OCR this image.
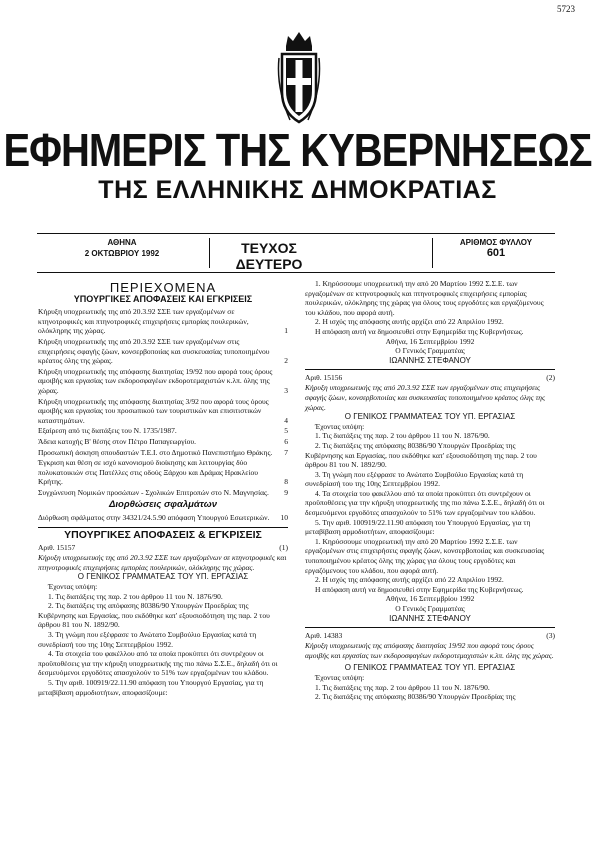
5723
ΕΦΗΜΕΡΙΣ ΤΗΣ ΚΥΒΕΡΝΗΣΕΩΣ
ΤΗΣ ΕΛΛΗΝΙΚΗΣ ΔΗΜΟΚΡΑΤΙΑΣ
ΑΘΗΝΑ
2 ΟΚΤΩΒΡΙΟΥ 1992	ΤΕΥΧΟΣ ΔΕΥΤΕΡΟ
ΑΡΙΘΜΟΣ ΦΥΛΛΟΥ
601
ΠΕΡΙΕΧΟΜΕΝΑ
ΥΠΟΥΡΓΙΚΕΣ ΑΠΟΦΑΣΕΙΣ ΚΑΙ ΕΓΚΡΙΣΕΙΣ
Κήρυξη υποχρεωτικής της από 20.3.92 ΣΣΕ των εργαζομένων σε κτηνοτροφικές και πτηνοτροφικές επιχειρήσεις εμπορίας πουλερικών, ολόκληρης της χώρας.	1
Κήρυξη υποχρεωτικής της από 20.3.92 ΣΣΕ των εργαζομένων στις επιχειρήσεις σφαγής ζώων, κονσερβοποιίας και συσκευασίας τυποποιημένου κρέατος όλης της χώρας.	2
Κήρυξη υποχρεωτικής της απόφασης διαιτησίας 19/92 που αφορά τους όρους αμοιβής και εργασίας των εκδοροσφαγέων εκδοροτεμαχιστών κ.λπ. όλης της χώρας.	3
Κήρυξη υποχρεωτικής της απόφασης διαιτησίας 3/92 που αφορά τους όρους αμοιβής και εργασίας του προσωπικού των τουριστικών και επισιτιστικών καταστημάτων.	4
Εξαίρεση από τις διατάξεις του Ν. 1735/1987.	5
Άδεια κατοχής Β' θέσης στον Πέτρο Παπαγεωργίου.	6
Προσωπική άσκηση σπουδαστών Τ.Ε.Ι. στο Δημοτικό Πανεπιστήμιο Θράκης. 7
Έγκριση και θέση σε ισχύ κανονισμού διοίκησης και λειτουργίας δύο πολυκατοικιών στις Πατέλλες στις οδούς Ξάρχου και Δράμας Ηρακλείου Κρήτης.	8
Συγχώνευση Νομικών προσώπων - Σχολικών Επιτροπών στο Ν. Μαγνησίας. 9
Διορθώσεις σφαλμάτων
Διόρθωση σφάλματος στην 34321/24.5.90 απόφαση Υπουργού Εσωτερικών. 10
ΥΠΟΥΡΓΙΚΕΣ ΑΠΟΦΑΣΕΙΣ & ΕΓΚΡΙΣΕΙΣ
Αριθ. 15157	(1)

Κήρυξη υποχρεωτικής της από 20.3.92 ΣΣΕ των εργαζομένων σε κτηνοτροφικές και πτηνοτροφικές επιχειρήσεις εμπορίας πουλερικών, ολόκληρης της χώρας.

Ο ΓΕΝΙΚΟΣ ΓΡΑΜΜΑΤΕΑΣ ΤΟΥ ΥΠ. ΕΡΓΑΣΙΑΣ

Έχοντας υπόψη:

1. Τις διατάξεις της παρ. 2 του άρθρου 11 του Ν. 1876/90.

2. Τις διατάξεις της απόφασης 80386/90 Υπουργών Προεδρίας της Κυβέρνησης και Εργασίας, που εκδόθηκε κατ' εξουσιοδότηση της παρ. 2 του άρθρου 81 του Ν. 1892/90.

3. Τη γνώμη που εξέφρασε το Ανώτατο Συμβούλιο Εργασίας κατά τη συνεδρίασή του της 10ης Σεπτεμβρίου 1992.

4. Τα στοιχεία του φακέλλου από τα οποία προκύπτει ότι συντρέχουν οι προϋποθέσεις για την κήρυξη υποχρεωτικής της πιο πάνω Σ.Σ.Ε., δηλαδή ότι οι δεσμευόμενοι εργοδότες απασχολούν το 51% των εργαζομένων του κλάδου.

5. Την αριθ. 100919/22.11.90 απόφαση του Υπουργού Εργασίας, για τη μεταβίβαση αρμοδιοτήτων, αποφασίζουμε:

1. Κηρύσσουμε υποχρεωτική την από 20 Μαρτίου 1992 Σ.Σ.Ε. των εργαζομένων σε κτηνοτροφικές και πτηνοτροφικές επιχειρήσεις εμπορίας πουλερικών, ολόκληρης της χώρας για όλους τους εργοδότες και εργαζόμενους του κλάδου, που αφορά αυτή.

2. Η ισχύς της απόφασης αυτής αρχίζει από 22 Απριλίου 1992.

Η απόφαση αυτή να δημοσιευθεί στην Εφημερίδα της Κυβερνήσεως.

Αθήνα, 16 Σεπτεμβρίου 1992

Ο Γενικός Γραμματέας

ΙΩΑΝΝΗΣ ΣΤΕΦΑΝΟΥ

Αριθ. 15156	(2)

Κήρυξη υποχρεωτικής της από 20.3.92 ΣΣΕ των εργαζομένων στις επιχειρήσεις σφαγής ζώων, κονσερβοποιίας και συσκευασίας τυποποιημένου κρέατος όλης της χώρας.

Ο ΓΕΝΙΚΟΣ ΓΡΑΜΜΑΤΕΑΣ ΤΟΥ ΥΠ. ΕΡΓΑΣΙΑΣ

Έχοντας υπόψη:

1. Τις διατάξεις της παρ. 2 του άρθρου 11 του Ν. 1876/90.

2. Τις διατάξεις της απόφασης 80386/90 Υπουργών Προεδρίας της Κυβέρνησης και Εργασίας, που εκδόθηκε κατ' εξουσιοδότηση της παρ. 2 του άρθρου 81 του Ν. 1892/90.

3. Τη γνώμη που εξέφρασε το Ανώτατο Συμβούλιο Εργασίας κατά τη συνεδρίασή του της 10ης Σεπτεμβρίου 1992.

4. Τα στοιχεία του φακέλλου από τα οποία προκύπτει ότι συντρέχουν οι προϋποθέσεις για την κήρυξη υποχρεωτικής της πιο πάνω Σ.Σ.Ε., δηλαδή ότι οι δεσμευόμενοι εργοδότες απασχολούν το 51% των εργαζομένων του κλάδου.

5. Την αριθ. 100919/22.11.90 απόφαση του Υπουργού Εργασίας, για τη μεταβίβαση αρμοδιοτήτων, αποφασίζουμε:

1. Κηρύσσουμε υποχρεωτική την από 20 Μαρτίου 1992 Σ.Σ.Ε. των εργαζομένων στις επιχειρήσεις σφαγής ζώων, κονσερβοποιίας και συσκευασίας τυποποιημένου κρέατος όλης της χώρας για όλους τους εργοδότες και εργαζόμενους του κλάδου, που αφορά αυτή.

2. Η ισχύς της απόφασης αυτής αρχίζει από 22 Απριλίου 1992.

Η απόφαση αυτή να δημοσιευθεί στην Εφημερίδα της Κυβερνήσεως.

Αθήνα, 16 Σεπτεμβρίου 1992

Ο Γενικός Γραμματέας

ΙΩΑΝΝΗΣ ΣΤΕΦΑΝΟΥ

Αριθ. 14383	(3)

Κήρυξη υποχρεωτικής της απόφασης διαιτησίας 19/92 που αφορά τους όρους αμοιβής και εργασίας των εκδοροσφαγέων εκδοροτεμαχιστών κ.λπ. όλης της χώρας.

Ο ΓΕΝΙΚΟΣ ΓΡΑΜΜΑΤΕΑΣ ΤΟΥ ΥΠ. ΕΡΓΑΣΙΑΣ

Έχοντας υπόψη:

1. Τις διατάξεις της παρ. 2 του άρθρου 11 του Ν. 1876/90.

2. Τις διατάξεις της απόφασης 80386/90 Υπουργών Προεδρίας της
